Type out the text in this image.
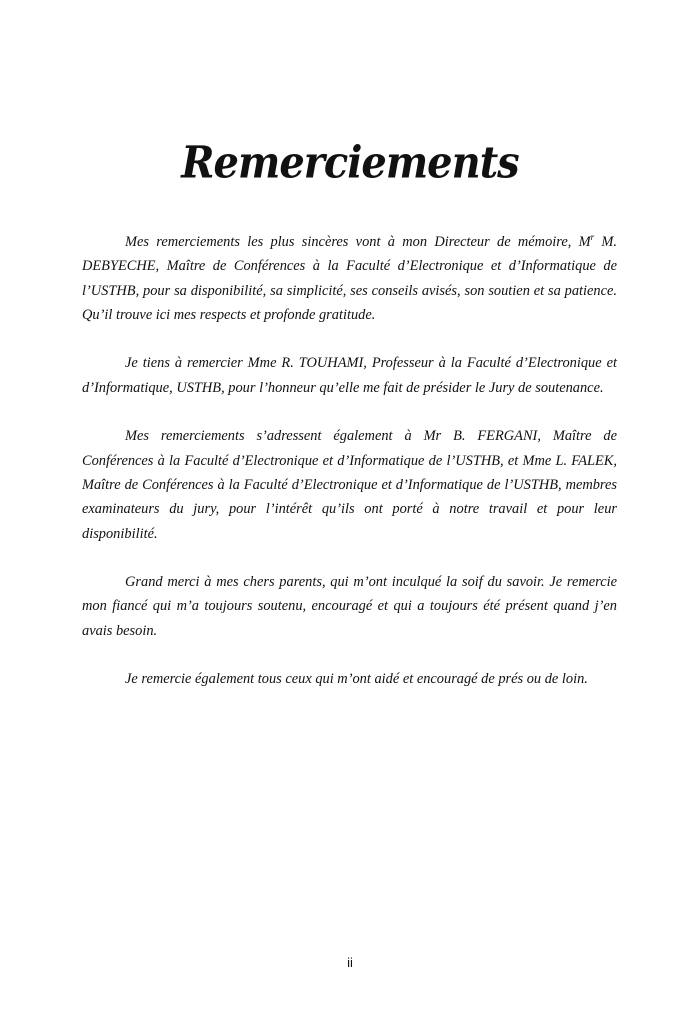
Remerciements

Mes remerciements les plus sincères vont à mon Directeur de mémoire, $M^r$ M. DEBYECHE, Maître de Conférences à la Faculté d’Electronique et d’Informatique de l’USTHB, pour sa disponibilité, sa simplicité, ses conseils avisés, son soutien et sa patience. Qu’il trouve ici mes respects et profonde gratitude.

Je tiens à remercier Mme R. TOUHAMI, Professeur à la Faculté d’Electronique et d’Informatique, USTHB, pour l’honneur qu’elle me fait de présider le Jury de soutenance.

Mes remerciements s’adressent également à Mr B. FERGANI, Maître de Conférences à la Faculté d’Electronique et d’Informatique de l’USTHB, et Mme L. FALEK, Maître de Conférences à la Faculté d’Electronique et d’Informatique de l’USTHB, membres examinateurs du jury, pour l’intérêt qu’ils ont porté à notre travail et pour leur disponibilité.

Grand merci à mes chers parents, qui m’ont inculqué la soif du savoir. Je remercie mon fiancé qui m’a toujours soutenu, encouragé et qui a toujours été présent quand j’en avais besoin.

Je remercie également tous ceux qui m’ont aidé et encouragé de prés ou de loin.

ii
